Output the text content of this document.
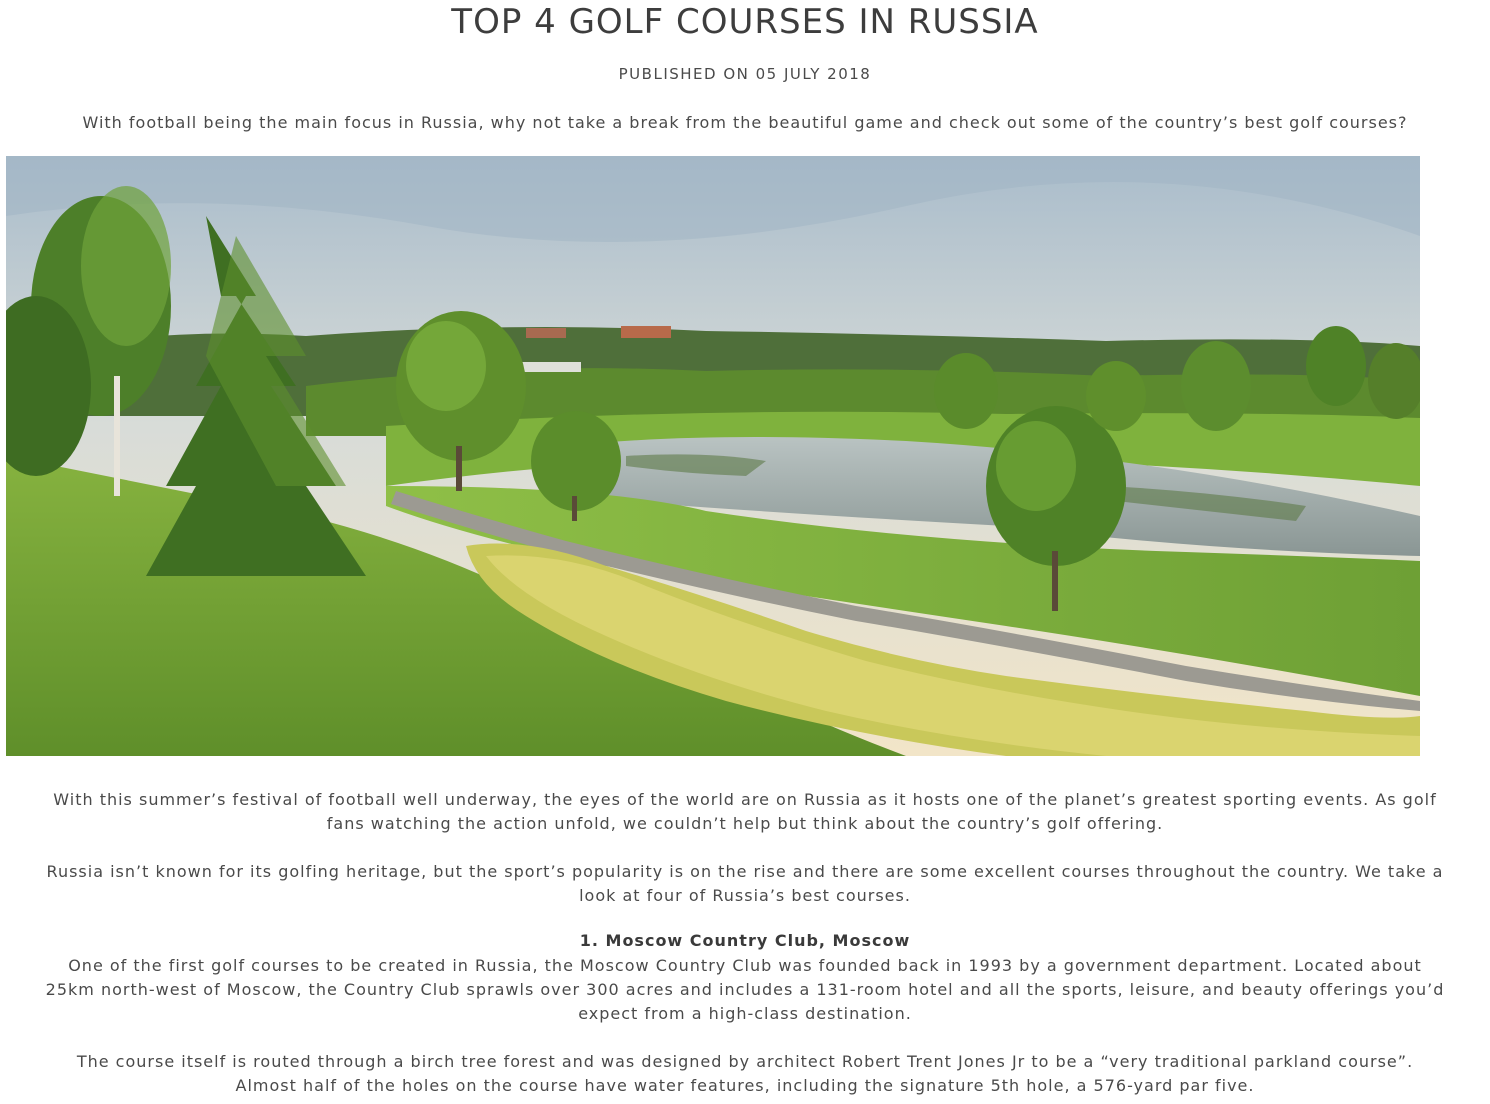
TOP 4 GOLF COURSES IN RUSSIA
PUBLISHED ON 05 JULY 2018
With football being the main focus in Russia, why not take a break from the beautiful game and check out some of the country’s best golf courses?

With this summer’s festival of football well underway, the eyes of the world are on Russia as it hosts one of the planet’s greatest sporting events. As golf
fans watching the action unfold, we couldn’t help but think about the country’s golf offering.

Russia isn’t known for its golfing heritage, but the sport’s popularity is on the rise and there are some excellent courses throughout the country. We take a
look at four of Russia’s best courses.

1. Moscow Country Club, Moscow

One of the first golf courses to be created in Russia, the Moscow Country Club was founded back in 1993 by a government department. Located about
25km north-west of Moscow, the Country Club sprawls over 300 acres and includes a 131-room hotel and all the sports, leisure, and beauty offerings you’d
expect from a high-class destination.

The course itself is routed through a birch tree forest and was designed by architect Robert Trent Jones Jr to be a “very traditional parkland course”.
Almost half of the holes on the course have water features, including the signature 5th hole, a 576-yard par five.
